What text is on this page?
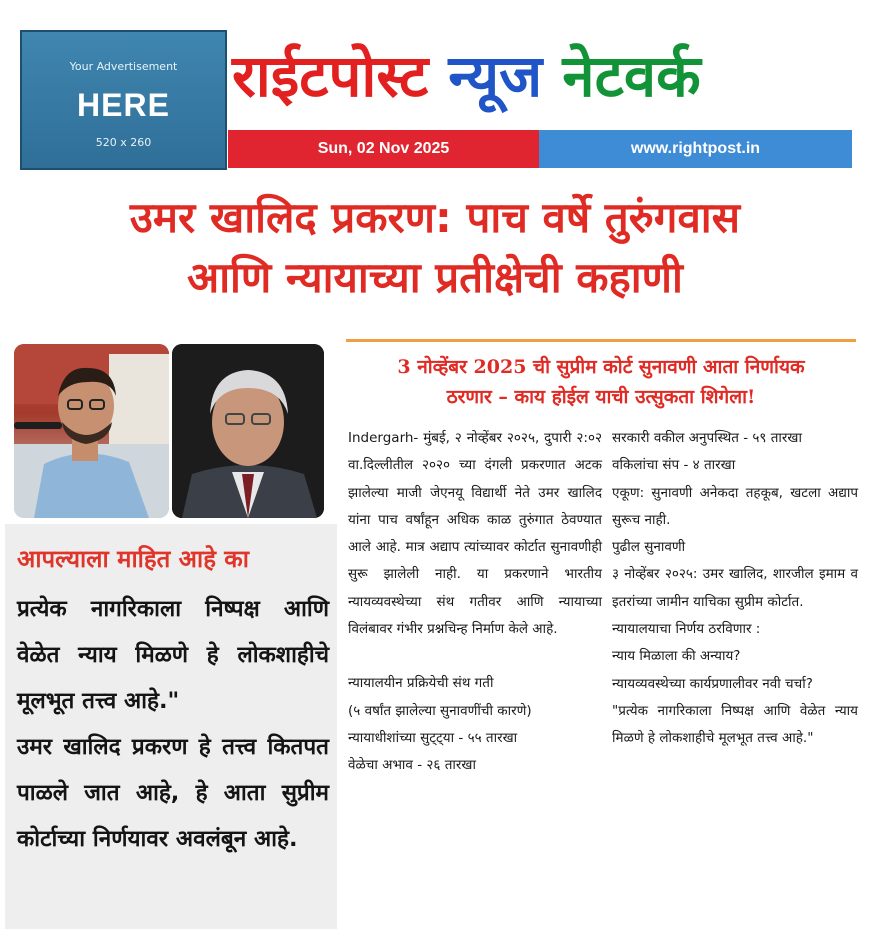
Your Advertisement
HERE
520 x 260
राईटपोस्ट न्यूज नेटवर्क
Sun, 02 Nov 2025	www.rightpost.in
उमर खालिद प्रकरण: पाच वर्षे तुरुंगवास
आणि न्यायाच्या प्रतीक्षेची कहाणी
आपल्याला माहित आहे का

प्रत्येक नागरिकाला निष्पक्ष आणि वेळेत न्याय मिळणे हे लोकशाहीचे मूलभूत तत्त्व आहे."

उमर खालिद प्रकरण हे तत्त्व कितपत पाळले जात आहे, हे आता सुप्रीम कोर्टाच्या निर्णयावर अवलंबून आहे.

3 नोव्हेंबर 2025 ची सुप्रीम कोर्ट सुनावणी आता निर्णायक
ठरणार – काय होईल याची उत्सुकता शिगेला!

Indergarh- मुंबई, २ नोव्हेंबर २०२५, दुपारी २:०२ वा.दिल्लीतील २०२० च्या दंगली प्रकरणात अटक झालेल्या माजी जेएनयू विद्यार्थी नेते उमर खालिद यांना पाच वर्षांहून अधिक काळ तुरुंगात ठेवण्यात आले आहे. मात्र अद्याप त्यांच्यावर कोर्टात सुनावणीही सुरू झालेली नाही. या प्रकरणाने भारतीय न्यायव्यवस्थेच्या संथ गतीवर आणि न्यायाच्या विलंबावर गंभीर प्रश्नचिन्ह निर्माण केले आहे.

न्यायालयीन प्रक्रियेची संथ गती

(५ वर्षांत झालेल्या सुनावणींची कारणे)

न्यायाधीशांच्या सुट्ट्या - ५५ तारखा

वेळेचा अभाव - २६ तारखा

सरकारी वकील अनुपस्थित - ५९ तारखा

वकिलांचा संप - ४ तारखा

एकूण: सुनावणी अनेकदा तहकूब, खटला अद्याप सुरूच नाही.

पुढील सुनावणी

३ नोव्हेंबर २०२५: उमर खालिद, शारजील इमाम व इतरांच्या जामीन याचिका सुप्रीम कोर्टात.

न्यायालयाचा निर्णय ठरविणार :

न्याय मिळाला की अन्याय?

न्यायव्यवस्थेच्या कार्यप्रणालीवर नवी चर्चा?

"प्रत्येक नागरिकाला निष्पक्ष आणि वेळेत न्याय मिळणे हे लोकशाहीचे मूलभूत तत्त्व आहे."
